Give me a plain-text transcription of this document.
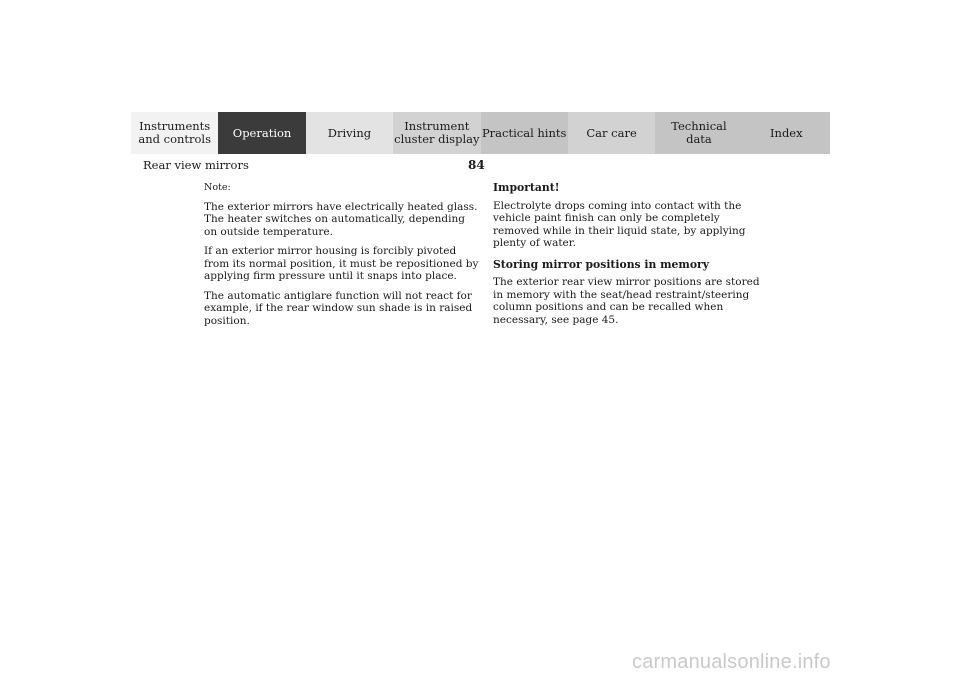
Instruments
and controls	Operation	Driving	Instrument
cluster display Practical hints	Car care	Technical
data	Index
Rear view mirrors	84

Note:

The exterior mirrors have electrically heated glass. The heater switches on automatically, depending on outside temperature.

If an exterior mirror housing is forcibly pivoted from its normal position, it must be repositioned by applying firm pressure until it snaps into place.

The automatic antiglare function will not react for example, if the rear window sun shade is in raised position.

Important!

Electrolyte drops coming into contact with the vehicle paint finish can only be completely removed while in their liquid state, by applying plenty of water.

Storing mirror positions in memory

The exterior rear view mirror positions are stored in memory with the seat/head restraint/steering column positions and can be recalled when necessary, see page 45.

carmanualsonline.info
